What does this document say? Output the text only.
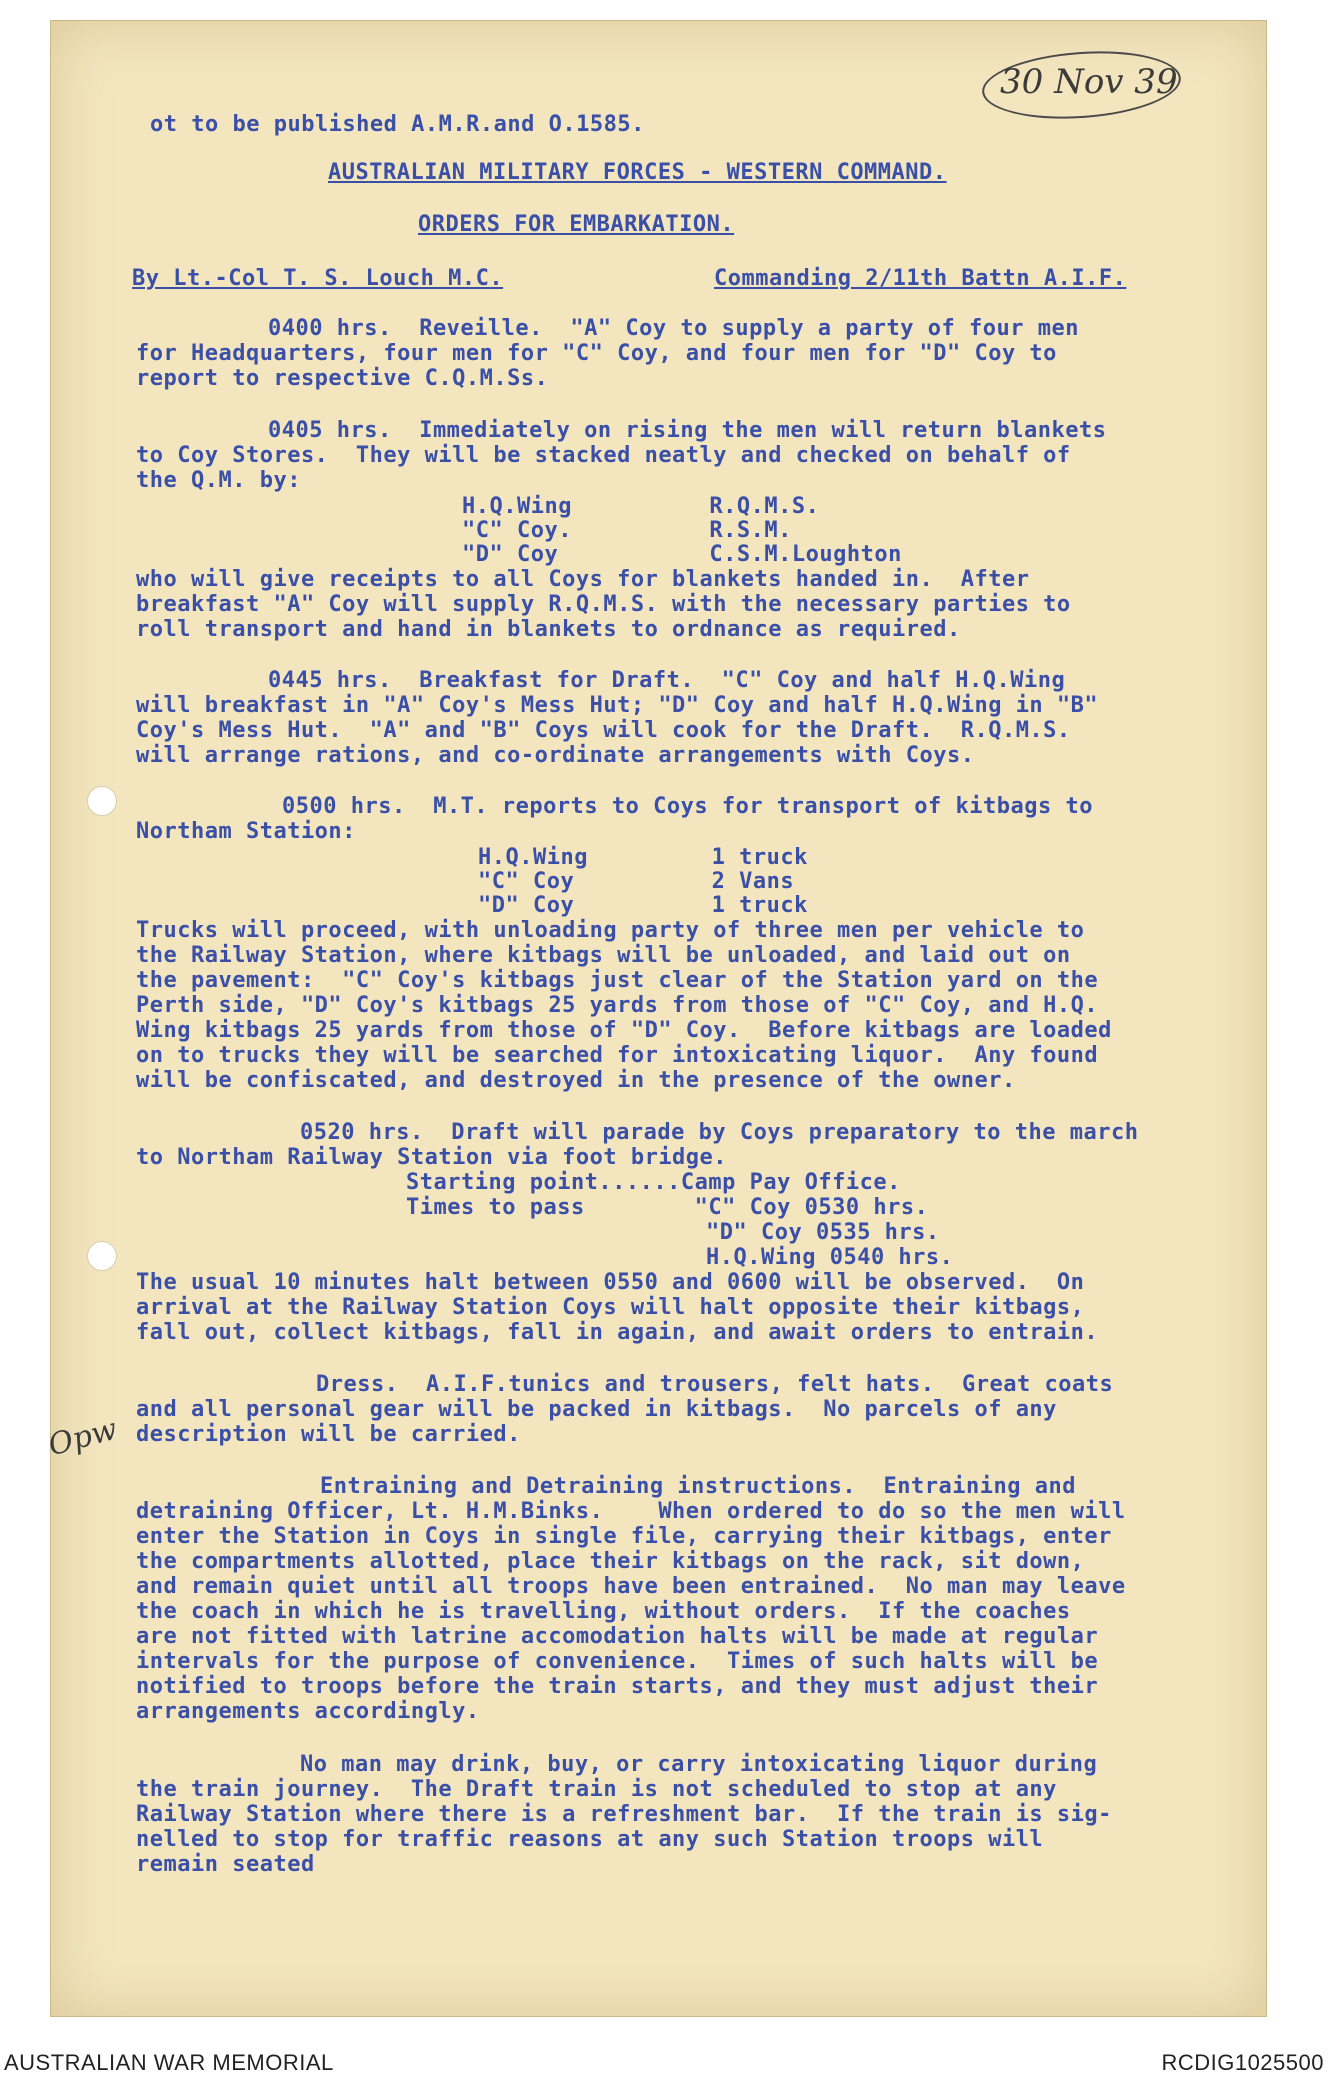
30 Nov 39
Opw
ot to be published A.M.R.and O.1585.
AUSTRALIAN MILITARY FORCES - WESTERN COMMAND.
ORDERS FOR EMBARKATION.
By Lt.-Col T. S. Louch M.C.	Commanding 2/11th Battn A.I.F.
0400 hrs.  Reveille.  "A" Coy to supply a party of four men
for Headquarters, four men for "C" Coy, and four men for "D" Coy to
report to respective C.Q.M.Ss.
0405 hrs.  Immediately on rising the men will return blankets
to Coy Stores.  They will be stacked neatly and checked on behalf of
the Q.M. by:
H.Q.Wing          R.Q.M.S.
"C" Coy.          R.S.M.
"D" Coy           C.S.M.Loughton
who will give receipts to all Coys for blankets handed in.  After
breakfast "A" Coy will supply R.Q.M.S. with the necessary parties to
roll transport and hand in blankets to ordnance as required.
0445 hrs.  Breakfast for Draft.  "C" Coy and half H.Q.Wing
will breakfast in "A" Coy's Mess Hut; "D" Coy and half H.Q.Wing in "B"
Coy's Mess Hut.  "A" and "B" Coys will cook for the Draft.  R.Q.M.S.
will arrange rations, and co-ordinate arrangements with Coys.
0500 hrs.  M.T. reports to Coys for transport of kitbags to
Northam Station:
H.Q.Wing         1 truck
"C" Coy          2 Vans
"D" Coy          1 truck
Trucks will proceed, with unloading party of three men per vehicle to
the Railway Station, where kitbags will be unloaded, and laid out on
the pavement:  "C" Coy's kitbags just clear of the Station yard on the
Perth side, "D" Coy's kitbags 25 yards from those of "C" Coy, and H.Q.
Wing kitbags 25 yards from those of "D" Coy.  Before kitbags are loaded
on to trucks they will be searched for intoxicating liquor.  Any found
will be confiscated, and destroyed in the presence of the owner.
0520 hrs.  Draft will parade by Coys preparatory to the march
to Northam Railway Station via foot bridge.
Starting point......Camp Pay Office.
Times to pass        "C" Coy 0530 hrs.
"D" Coy 0535 hrs.
H.Q.Wing 0540 hrs.
The usual 10 minutes halt between 0550 and 0600 will be observed.  On
arrival at the Railway Station Coys will halt opposite their kitbags,
fall out, collect kitbags, fall in again, and await orders to entrain.
Dress.  A.I.F.tunics and trousers, felt hats.  Great coats
and all personal gear will be packed in kitbags.  No parcels of any
description will be carried.
Entraining and Detraining instructions.  Entraining and
detraining Officer, Lt. H.M.Binks.    When ordered to do so the men will
enter the Station in Coys in single file, carrying their kitbags, enter
the compartments allotted, place their kitbags on the rack, sit down,
and remain quiet until all troops have been entrained.  No man may leave
the coach in which he is travelling, without orders.  If the coaches
are not fitted with latrine accomodation halts will be made at regular
intervals for the purpose of convenience.  Times of such halts will be
notified to troops before the train starts, and they must adjust their
arrangements accordingly.
No man may drink, buy, or carry intoxicating liquor during
the train journey.  The Draft train is not scheduled to stop at any
Railway Station where there is a refreshment bar.  If the train is sig-
nelled to stop for traffic reasons at any such Station troops will
remain seated
AUSTRALIAN WAR MEMORIAL	RCDIG1025500
